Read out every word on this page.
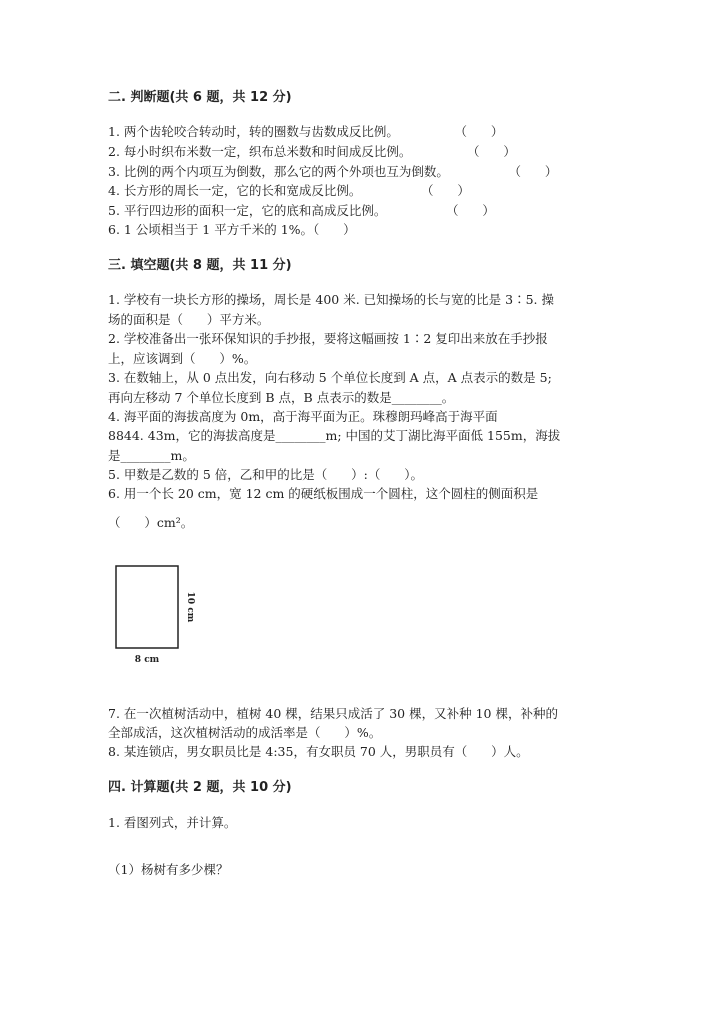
二. 判断题(共 6 题，共 12 分)
1. 两个齿轮咬合转动时，转的圈数与齿数成反比例。              （      ）
2. 每小时织布米数一定，织布总米数和时间成反比例。              （      ）
3. 比例的两个内项互为倒数，那么它的两个外项也互为倒数。               （      ）
4. 长方形的周长一定，它的长和宽成反比例。               （      ）
5. 平行四边形的面积一定，它的底和高成反比例。               （      ）
6. 1 公顷相当于 1 平方千米的 1%。（      ）
三. 填空题(共 8 题，共 11 分)
1. 学校有一块长方形的操场，周长是 400 米. 已知操场的长与宽的比是 3∶5. 操
场的面积是（      ）平方米。
2. 学校准备出一张环保知识的手抄报，要将这幅画按 1∶2 复印出来放在手抄报
上，应该调到（      ）%。
3. 在数轴上，从 0 点出发，向右移动 5 个单位长度到 A 点，A 点表示的数是 5;
再向左移动 7 个单位长度到 B 点，B 点表示的数是________。
4. 海平面的海拔高度为 0m，高于海平面为正。珠穆朗玛峰高于海平面
8844. 43m，它的海拔高度是________m; 中国的艾丁湖比海平面低 155m，海拔
是________m。
5. 甲数是乙数的 5 倍，乙和甲的比是（      ）:（      ）。
6. 用一个长 20 cm，宽 12 cm 的硬纸板围成一个圆柱，这个圆柱的侧面积是
（      ）cm²。
8 cm
10 cm
7. 在一次植树活动中，植树 40 棵，结果只成活了 30 棵，又补种 10 棵，补种的
全部成活，这次植树活动的成活率是（      ）%。
8. 某连锁店，男女职员比是 4:35，有女职员 70 人，男职员有（      ）人。
四. 计算题(共 2 题，共 10 分)
1. 看图列式，并计算。
（1）杨树有多少棵？
